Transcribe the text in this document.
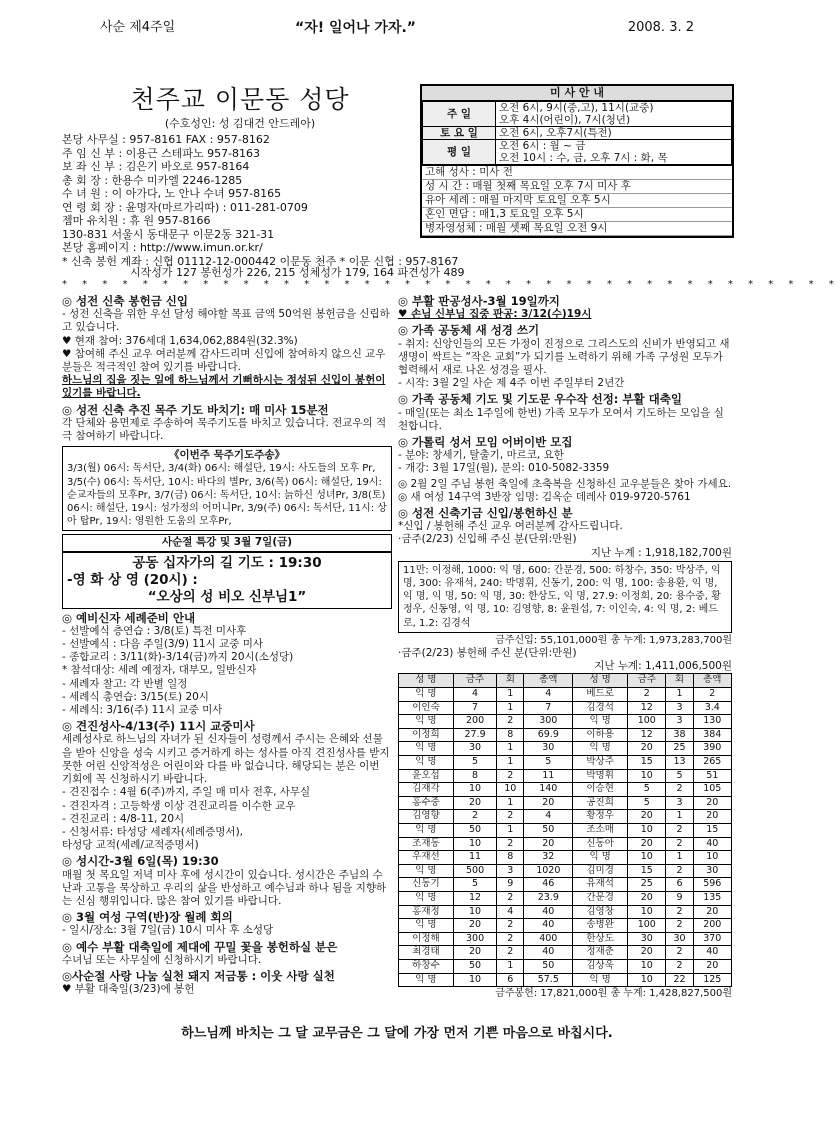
사순 제4주일	“자! 일어나 가자.”	2008. 3. 2
천주교 이문동 성당
(수호성인: 성 김대건 안드레아)
본당 사무실 : 957-8161 FAX : 957-8162
주 임 신 부 : 이용근 스테파노 957-8163
보 좌 신 부 : 김은기 바오로 957-8164
총 회 장 : 한용수 미카엘 2246-1285
수 녀 원 : 이 아가다, 노 안나 수녀 957-8165
연 령 회 장 : 윤명자(마르가리따) : 011-281-0709
젬마 유치원 : 휴 원 957-8166
130-831 서울시 동대문구 이문2동 321-31
본당 홈페이지 : http://www.imun.or.kr/
* 신축 봉헌 계좌 : 신협 01112-12-000442 이문동 천주 * 이문 신협 : 957-8167
미 사 안 내
주 일	오전 6시, 9시(중,고), 11시(교중)
오후 4시(어린이), 7시(청년)

토 요 일	오전 6시, 오후7시(특전)

평 일	오전 6시 : 월 ~ 금
오전 10시 : 수, 금, 오후 7시 : 화, 목
고해 성사 : 미사 전
성 시 간 : 매월 첫째 목요일 오후 7시 미사 후
유아 세례 : 매월 마지막 토요일 오후 5시
혼인 면담 : 매1,3 토요일 오후 5시
병자영성체 : 매월 셋째 목요일 오전 9시
시작성가 127 봉헌성가 226, 215 성체성가 179, 164 파견성가 489
* * * * * * * * * * * * * * * * * * * * * * * * * * * * * * * * * * * * * * *
◎ 성전 신축 봉헌금 신입
- 성전 신축을 위한 우선 달성 해야할 목표 금액 50억원 봉헌금을 신립하고 있습니다.
♥ 현재 참여: 376세대 1,634,062,884원(32.3%)
♥ 참여해 주신 교우 여러분께 감사드리며 신입에 참여하지 않으신 교우 분들은 적극적인 참여 있기를 바랍니다.
하느님의 집을 짓는 일에 하느님께서 기뻐하시는 정성된 신입이 봉헌이 있기를 바랍니다.
◎ 성전 신축 추진 목주 기도 바치기: 매 미사 15분전

각 단체와 용면제로 주송하여 묵주기도를 바치고 있습니다. 전교우의 적극 참여하기 바랍니다.

《이번주 묵주기도주송》
3/3(월) 06시: 독서단, 3/4(화) 06시: 해설단, 19시: 사도들의 모후 Pr, 3/5(수) 06시: 독서단, 10시: 바다의 별Pr, 3/6(목) 06시: 해설단, 19시: 순교자들의 모후Pr, 3/7(금) 06시: 독서단, 10시: 늙하신 성녀Pr, 3/8(토) 06시: 해설단, 19시: 성가정의 어머니Pr, 3/9(주) 06시: 독서단, 11시: 상아 탑Pr, 19시: 영원한 도움의 모후Pr,
사순절 특강 및 3월 7일(금)
공동 십자가의 길 기도 : 19:30
-영 화 상 영 (20시) :
“오상의 성 비오 신부님1”
◎ 예비신자 세례준비 안내
- 선발예식 층연습 : 3/8(토) 특전 미사후
- 선발예식 : 다음 주일(3/9) 11시 교중 미사
- 종합교리 : 3/11(화)-3/14(금)까지 20시(소성당)
* 참석대상: 세례 예정자, 대부모, 일반신자
- 세례자 찰고: 각 반별 일정
- 세례식 총연습: 3/15(토) 20시
- 세례식: 3/16(주) 11시 교중 미사
◎ 견진성사-4/13(주) 11시 교중미사
세례성사로 하느님의 자녀가 된 신자들이 성령께서 주시는 은혜와 선물을 받아 신앙을 성숙 시키고 증거하게 하는 성사를 아직 견진성사를 받지 못한 어린 신앙적성은 어린이와 다를 바 없습니다. 해당되는 분은 이번 기회에 꼭 신청하시기 바랍니다.
- 견진접수 : 4월 6(주)까지, 주일 매 미사 전후, 사무실
- 견진자격 : 고등학생 이상 견진교리를 이수한 교우
- 견진교리 : 4/8-11, 20시
- 신청서류: 타성당 세례자(세례증명서),
타성당 교적(세례/교적증명서)
◎ 성시간-3월 6일(목) 19:30

매월 첫 목요일 저녁 미사 후에 성시간이 있습니다. 성시간은 주님의 수난과 고통을 묵상하고 우리의 삶을 반성하고 예수님과 하나 됨을 지향하는 신심 행위입니다. 많은 참여 있기를 바랍니다.

◎ 3월 여성 구역(반)장 월례 회의

- 일시/장소: 3월 7일(금) 10시 미사 후 소성당

◎ 예수 부활 대축일에 제대에 꾸밀 꽃을 봉헌하실 분은

수녀님 또는 사무실에 신청하시기 바랍니다.

◎사순절 사랑 나눔 실천 돼지 저금통 : 이웃 사랑 실천

♥ 부활 대축일(3/23)에 봉헌

◎ 부활 판공성사-3월 19일까지

♥ 손님 신부님 집중 판공: 3/12(수)19시

◎ 가족 공동체 새 성경 쓰기
- 취지: 신앙인들의 모든 가정이 진정으로 그리스도의 신비가 반영되고 새 생명이 싹트는 “작은 교회”가 되기를 노력하기 위해 가족 구성원 모두가 협력해서 새로 나온 성경을 필사.
- 시작: 3월 2일 사순 제 4주 이번 주일부터 2년간
◎ 가족 공동체 기도 및 기도문 우수작 선정: 부활 대축일

- 매일(또는 최소 1주일에 한번) 가족 모두가 모여서 기도하는 모임을 실천합니다.

◎ 가톨릭 성서 모임 어버이반 모집
- 분야: 창세기, 탈출기, 마르코, 요한
- 개강: 3월 17일(월), 문의: 010-5082-3359

◎ 2월 2일 주님 봉헌 축일에 초축복을 신청하신 교우분들은 찾아 가세요.

◎ 새 여성 14구역 3반장 임명: 김옥순 데레사 019-9720-5761

◎ 성전 신축기금 신입/봉헌하신 분

*신입 / 봉헌해 주신 교우 여러분께 감사드립니다.

·금주(2/23) 신입해 주신 분(단위:만원)

지난 누계 : 1,918,182,700원

11만: 이정해, 1000: 익 명, 600: 간문경, 500: 하창수, 350: 박상주, 익 명, 300: 유재석, 240: 박명휘, 신동기, 200: 익 명, 100: 송용환, 익 명, 익 명, 익 명, 50: 익 명, 30: 한상도, 익 명, 27.9: 이정희, 20: 용수중, 황정우, 신동영, 익 명, 10: 김영향, 8: 윤원섭, 7: 이인숙, 4: 익 명, 2: 베드로, 1.2: 김경석

금주신입: 55,101,000원 총 누계: 1,973,283,700원

·금주(2/23) 봉헌해 주신 분(단위:만원)

지난 누계: 1,411,006,500원

성 명	금주	회	총액	성 명	금주	회	총액
익 명	4	1	4	베드로	2	1	2
이인숙	7	1	7	김경석	12	3	3.4
익 명	200	2	300	익 명	100	3	130
이정희	27.9	8	69.9	이하용	12	38	384
익 명	30	1	30	익 명	20	25	390
익 명	5	1	5	박상주	15	13	265
윤오섭	8	2	11	박명휘	10	5	51
김재각	10	10	140	이승현	5	2	105
홍수중	20	1	20	공진희	5	3	20
김영향	2	2	4	황정우	20	1	20
익 명	50	1	50	조소매	10	2	15
조재동	10	2	20	신동아	20	2	40
우재선	11	8	32	익 명	10	1	10
익 명	500	3	1020	김미경	15	2	30
신동기	5	9	46	유재석	25	6	596
익 명	12	2	23.9	간문경	20	9	135
홍재정	10	4	40	김영창	10	2	20
익 명	20	2	40	송병완	100	2	200
이정해	300	2	400	한상도	30	30	370
최경태	20	2	40	정재춘	20	2	40
하창수	50	1	50	김상욱	10	2	20
익 명	10	6	57.5	익 명	10	22	125

금주봉헌: 17,821,000원 총 누계: 1,428,827,500원

하느님께 바치는 그 달 교무금은 그 달에 가장 먼저 기쁜 마음으로 바칩시다.
